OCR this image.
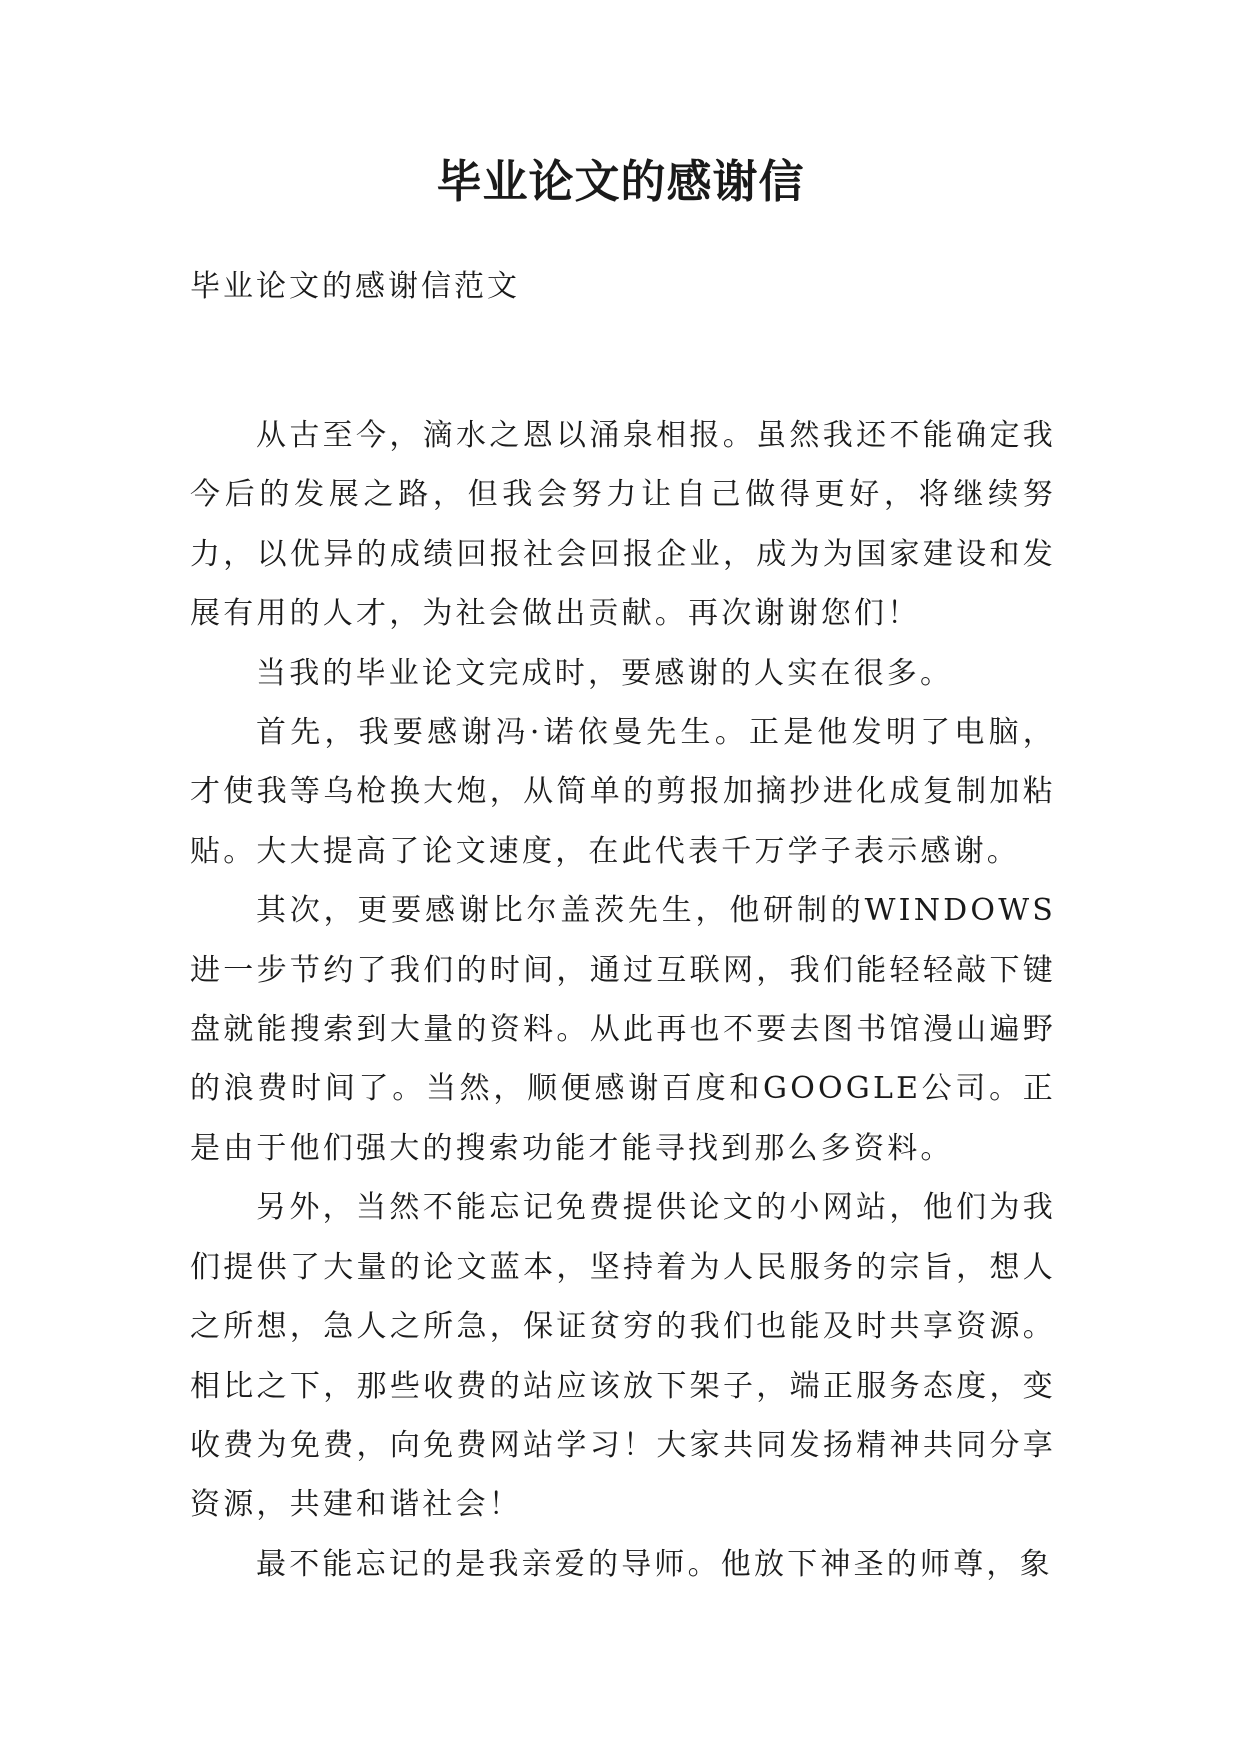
毕业论文的感谢信

毕业论文的感谢信范文

从古至今，滴水之恩以涌泉相报。虽然我还不能确定我今后的发展之路，但我会努力让自己做得更好，将继续努力，以优异的成绩回报社会回报企业，成为为国家建设和发展有用的人才，为社会做出贡献。再次谢谢您们！

当我的毕业论文完成时，要感谢的人实在很多。

首先，我要感谢冯·诺依曼先生。正是他发明了电脑，才使我等乌枪换大炮，从简单的剪报加摘抄进化成复制加粘贴。大大提高了论文速度，在此代表千万学子表示感谢。

其次，更要感谢比尔盖茨先生，他研制的WINDOWS进一步节约了我们的时间，通过互联网，我们能轻轻敲下键盘就能搜索到大量的资料。从此再也不要去图书馆漫山遍野的浪费时间了。当然，顺便感谢百度和GOOGLE公司。正是由于他们强大的搜索功能才能寻找到那么多资料。

另外，当然不能忘记免费提供论文的小网站，他们为我们提供了大量的论文蓝本，坚持着为人民服务的宗旨，想人之所想，急人之所急，保证贫穷的我们也能及时共享资源。相比之下，那些收费的站应该放下架子，端正服务态度，变收费为免费，向免费网站学习！大家共同发扬精神共同分享资源，共建和谐社会！

最不能忘记的是我亲爱的导师。他放下神圣的师尊，象
